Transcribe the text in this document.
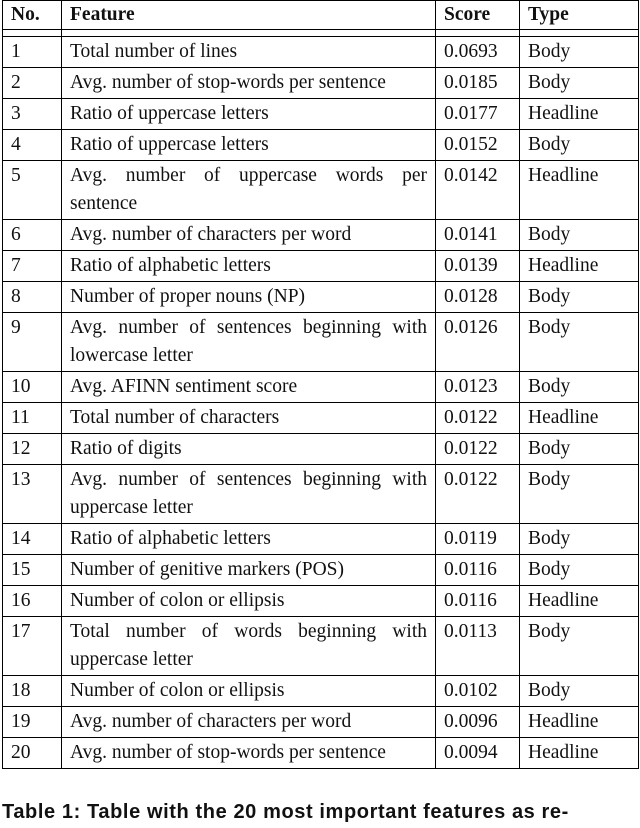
No.	Feature	Score	Type

1	Total number of lines	0.0693	Body
2	Avg. number of stop-words per sentence	0.0185	Body
3	Ratio of uppercase letters	0.0177	Headline
4	Ratio of uppercase letters	0.0152	Body
5	Avg. number of uppercase words per sentence	0.0142	Headline
6	Avg. number of characters per word	0.0141	Body
7	Ratio of alphabetic letters	0.0139	Headline
8	Number of proper nouns (NP)	0.0128	Body
9	Avg. number of sentences beginning with lowercase letter	0.0126	Body
10	Avg. AFINN sentiment score	0.0123	Body
11	Total number of characters	0.0122	Headline
12	Ratio of digits	0.0122	Body
13	Avg. number of sentences beginning with uppercase letter	0.0122	Body
14	Ratio of alphabetic letters	0.0119	Body
15	Number of genitive markers (POS)	0.0116	Body
16	Number of colon or ellipsis	0.0116	Headline
17	Total number of words beginning with uppercase letter	0.0113	Body
18	Number of colon or ellipsis	0.0102	Body
19	Avg. number of characters per word	0.0096	Headline
20	Avg. number of stop-words per sentence	0.0094	Headline
Table 1: Table with the 20 most important features as re-
